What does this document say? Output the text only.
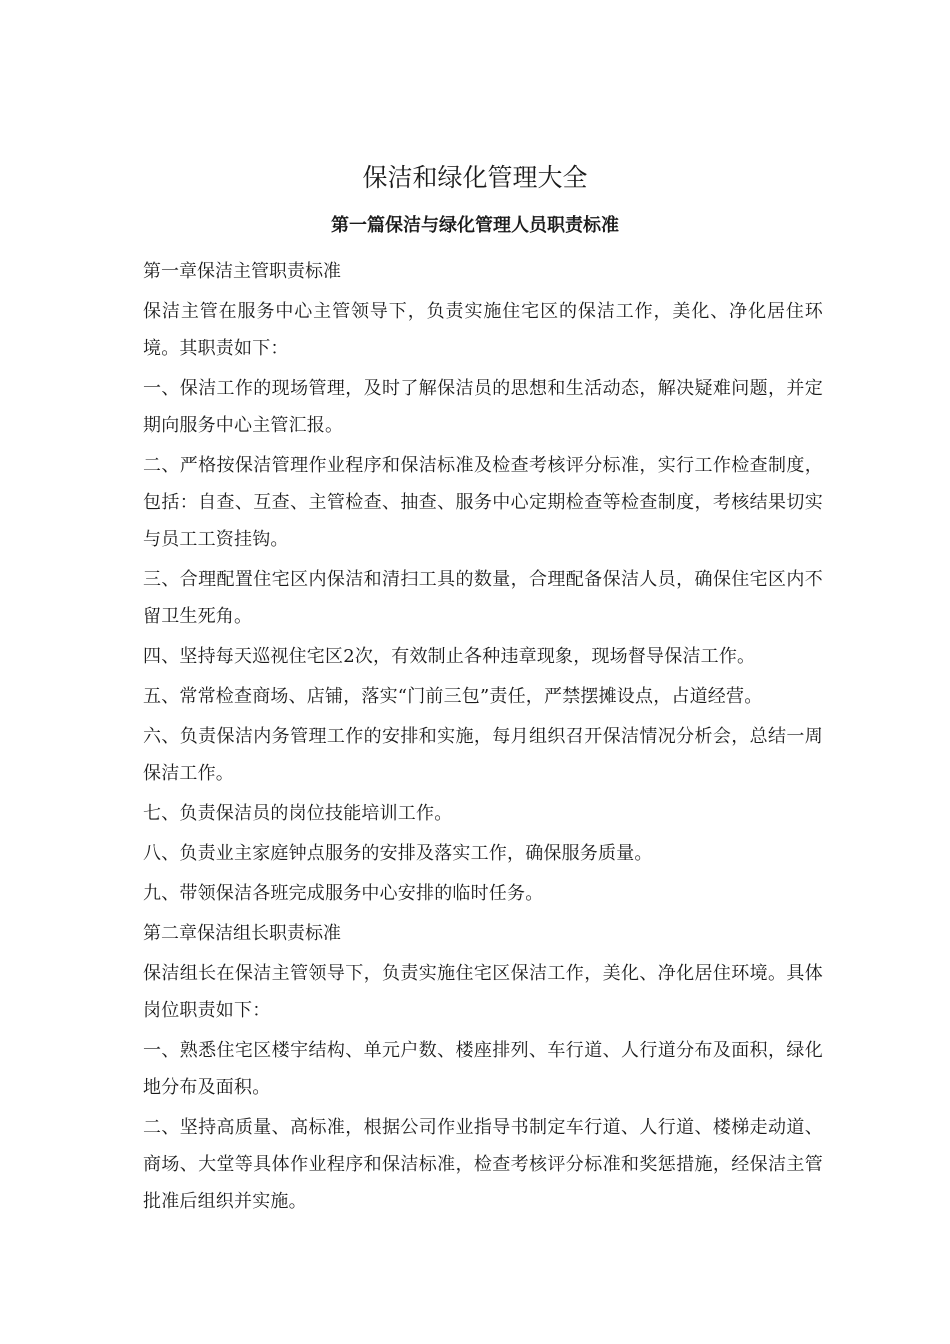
保洁和绿化管理大全
第一篇保洁与绿化管理人员职责标准

第一章保洁主管职责标准

保洁主管在服务中心主管领导下，负责实施住宅区的保洁工作，美化、净化居住环境。其职责如下：

一、保洁工作的现场管理，及时了解保洁员的思想和生活动态，解决疑难问题，并定期向服务中心主管汇报。

二、严格按保洁管理作业程序和保洁标准及检查考核评分标准，实行工作检查制度，包括：自查、互查、主管检查、抽查、服务中心定期检查等检查制度，考核结果切实与员工工资挂钩。

三、合理配置住宅区内保洁和清扫工具的数量，合理配备保洁人员，确保住宅区内不留卫生死角。

四、坚持每天巡视住宅区2次，有效制止各种违章现象，现场督导保洁工作。

五、常常检查商场、店铺，落实“门前三包”责任，严禁摆摊设点，占道经营。

六、负责保洁内务管理工作的安排和实施，每月组织召开保洁情况分析会，总结一周保洁工作。

七、负责保洁员的岗位技能培训工作。

八、负责业主家庭钟点服务的安排及落实工作，确保服务质量。

九、带领保洁各班完成服务中心安排的临时任务。

第二章保洁组长职责标准

保洁组长在保洁主管领导下，负责实施住宅区保洁工作，美化、净化居住环境。具体岗位职责如下：

一、熟悉住宅区楼宇结构、单元户数、楼座排列、车行道、人行道分布及面积，绿化地分布及面积。

二、坚持高质量、高标准，根据公司作业指导书制定车行道、人行道、楼梯走动道、商场、大堂等具体作业程序和保洁标准，检查考核评分标准和奖惩措施，经保洁主管批准后组织并实施。
